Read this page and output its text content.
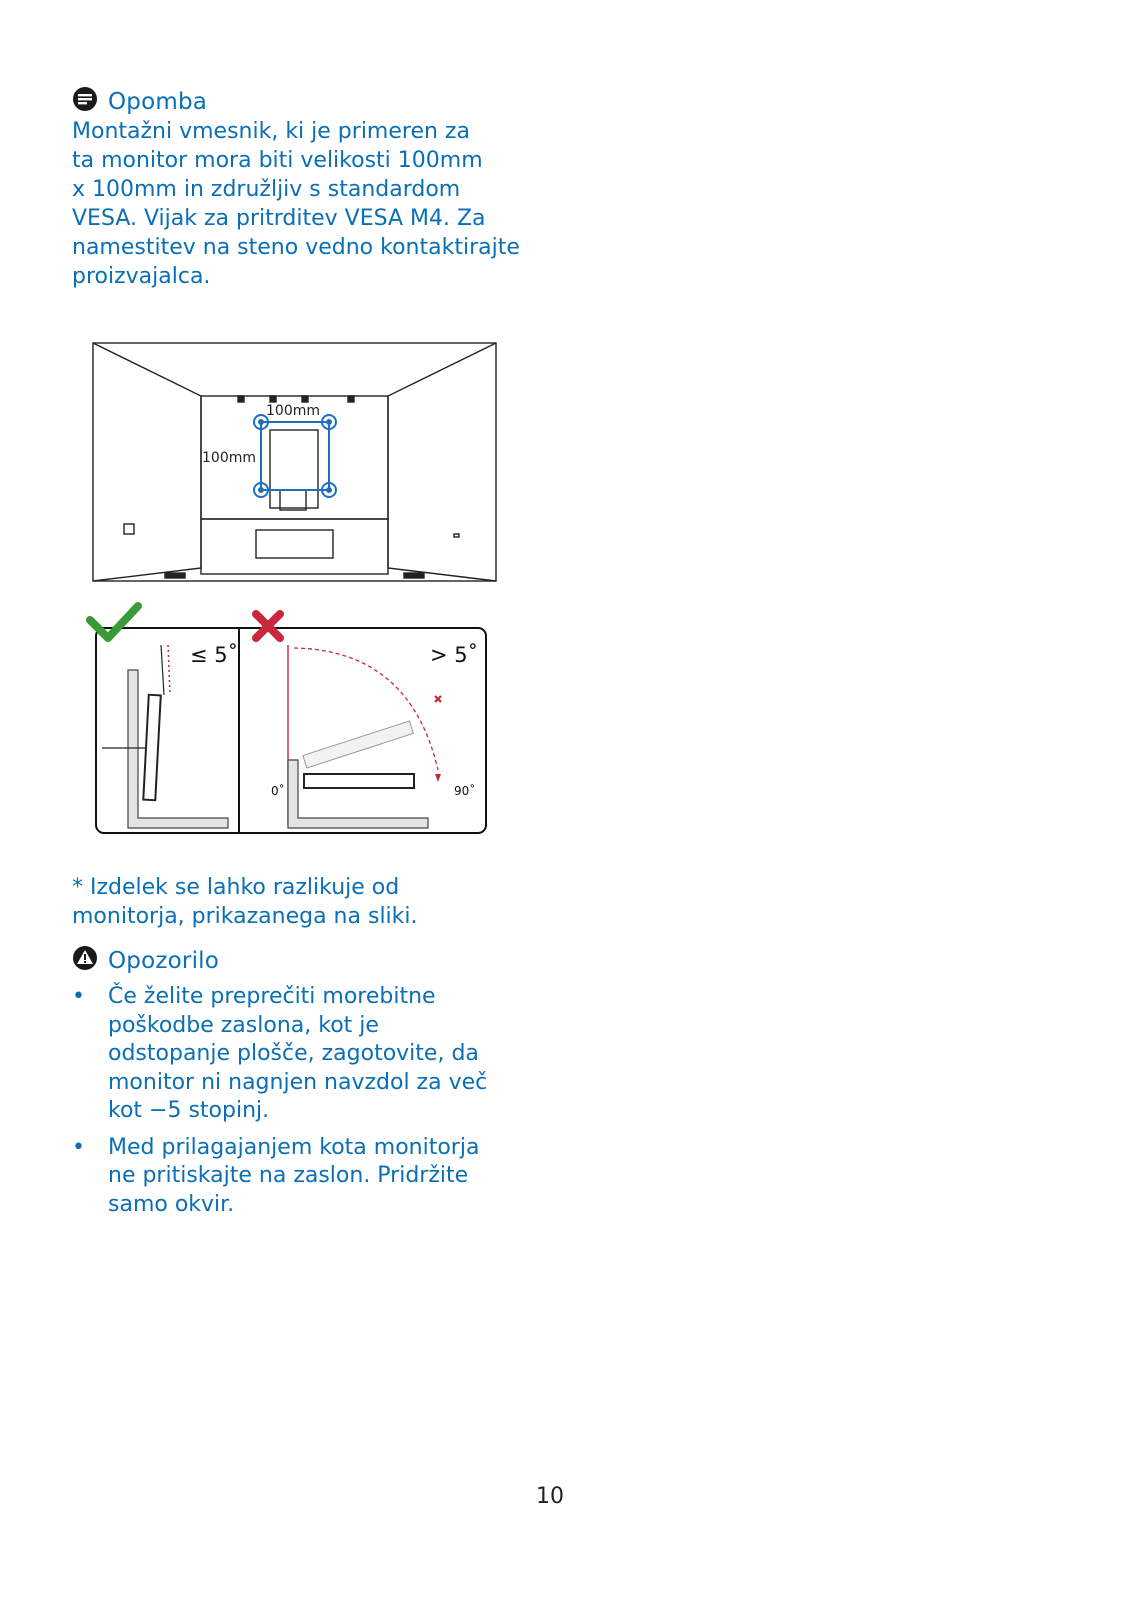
Opomba

Montažni vmesnik, ki je primeren za
ta monitor mora biti velikosti 100mm
x 100mm in združljiv s standardom
VESA. Vijak za pritrditev VESA M4. Za
namestitev na steno vedno kontaktirajte
proizvajalca.

100mm
100mm
≤ 5˚	> 5˚
0˚	90˚
* Izdelek se lahko razlikuje od
monitorja, prikazanega na sliki.
Opozorilo
• Če želite preprečiti morebitne
poškodbe zaslona, kot je
odstopanje plošče, zagotovite, da
monitor ni nagnjen navzdol za več
kot −5 stopinj.
• Med prilagajanjem kota monitorja
ne pritiskajte na zaslon. Pridržite
samo okvir.
10
